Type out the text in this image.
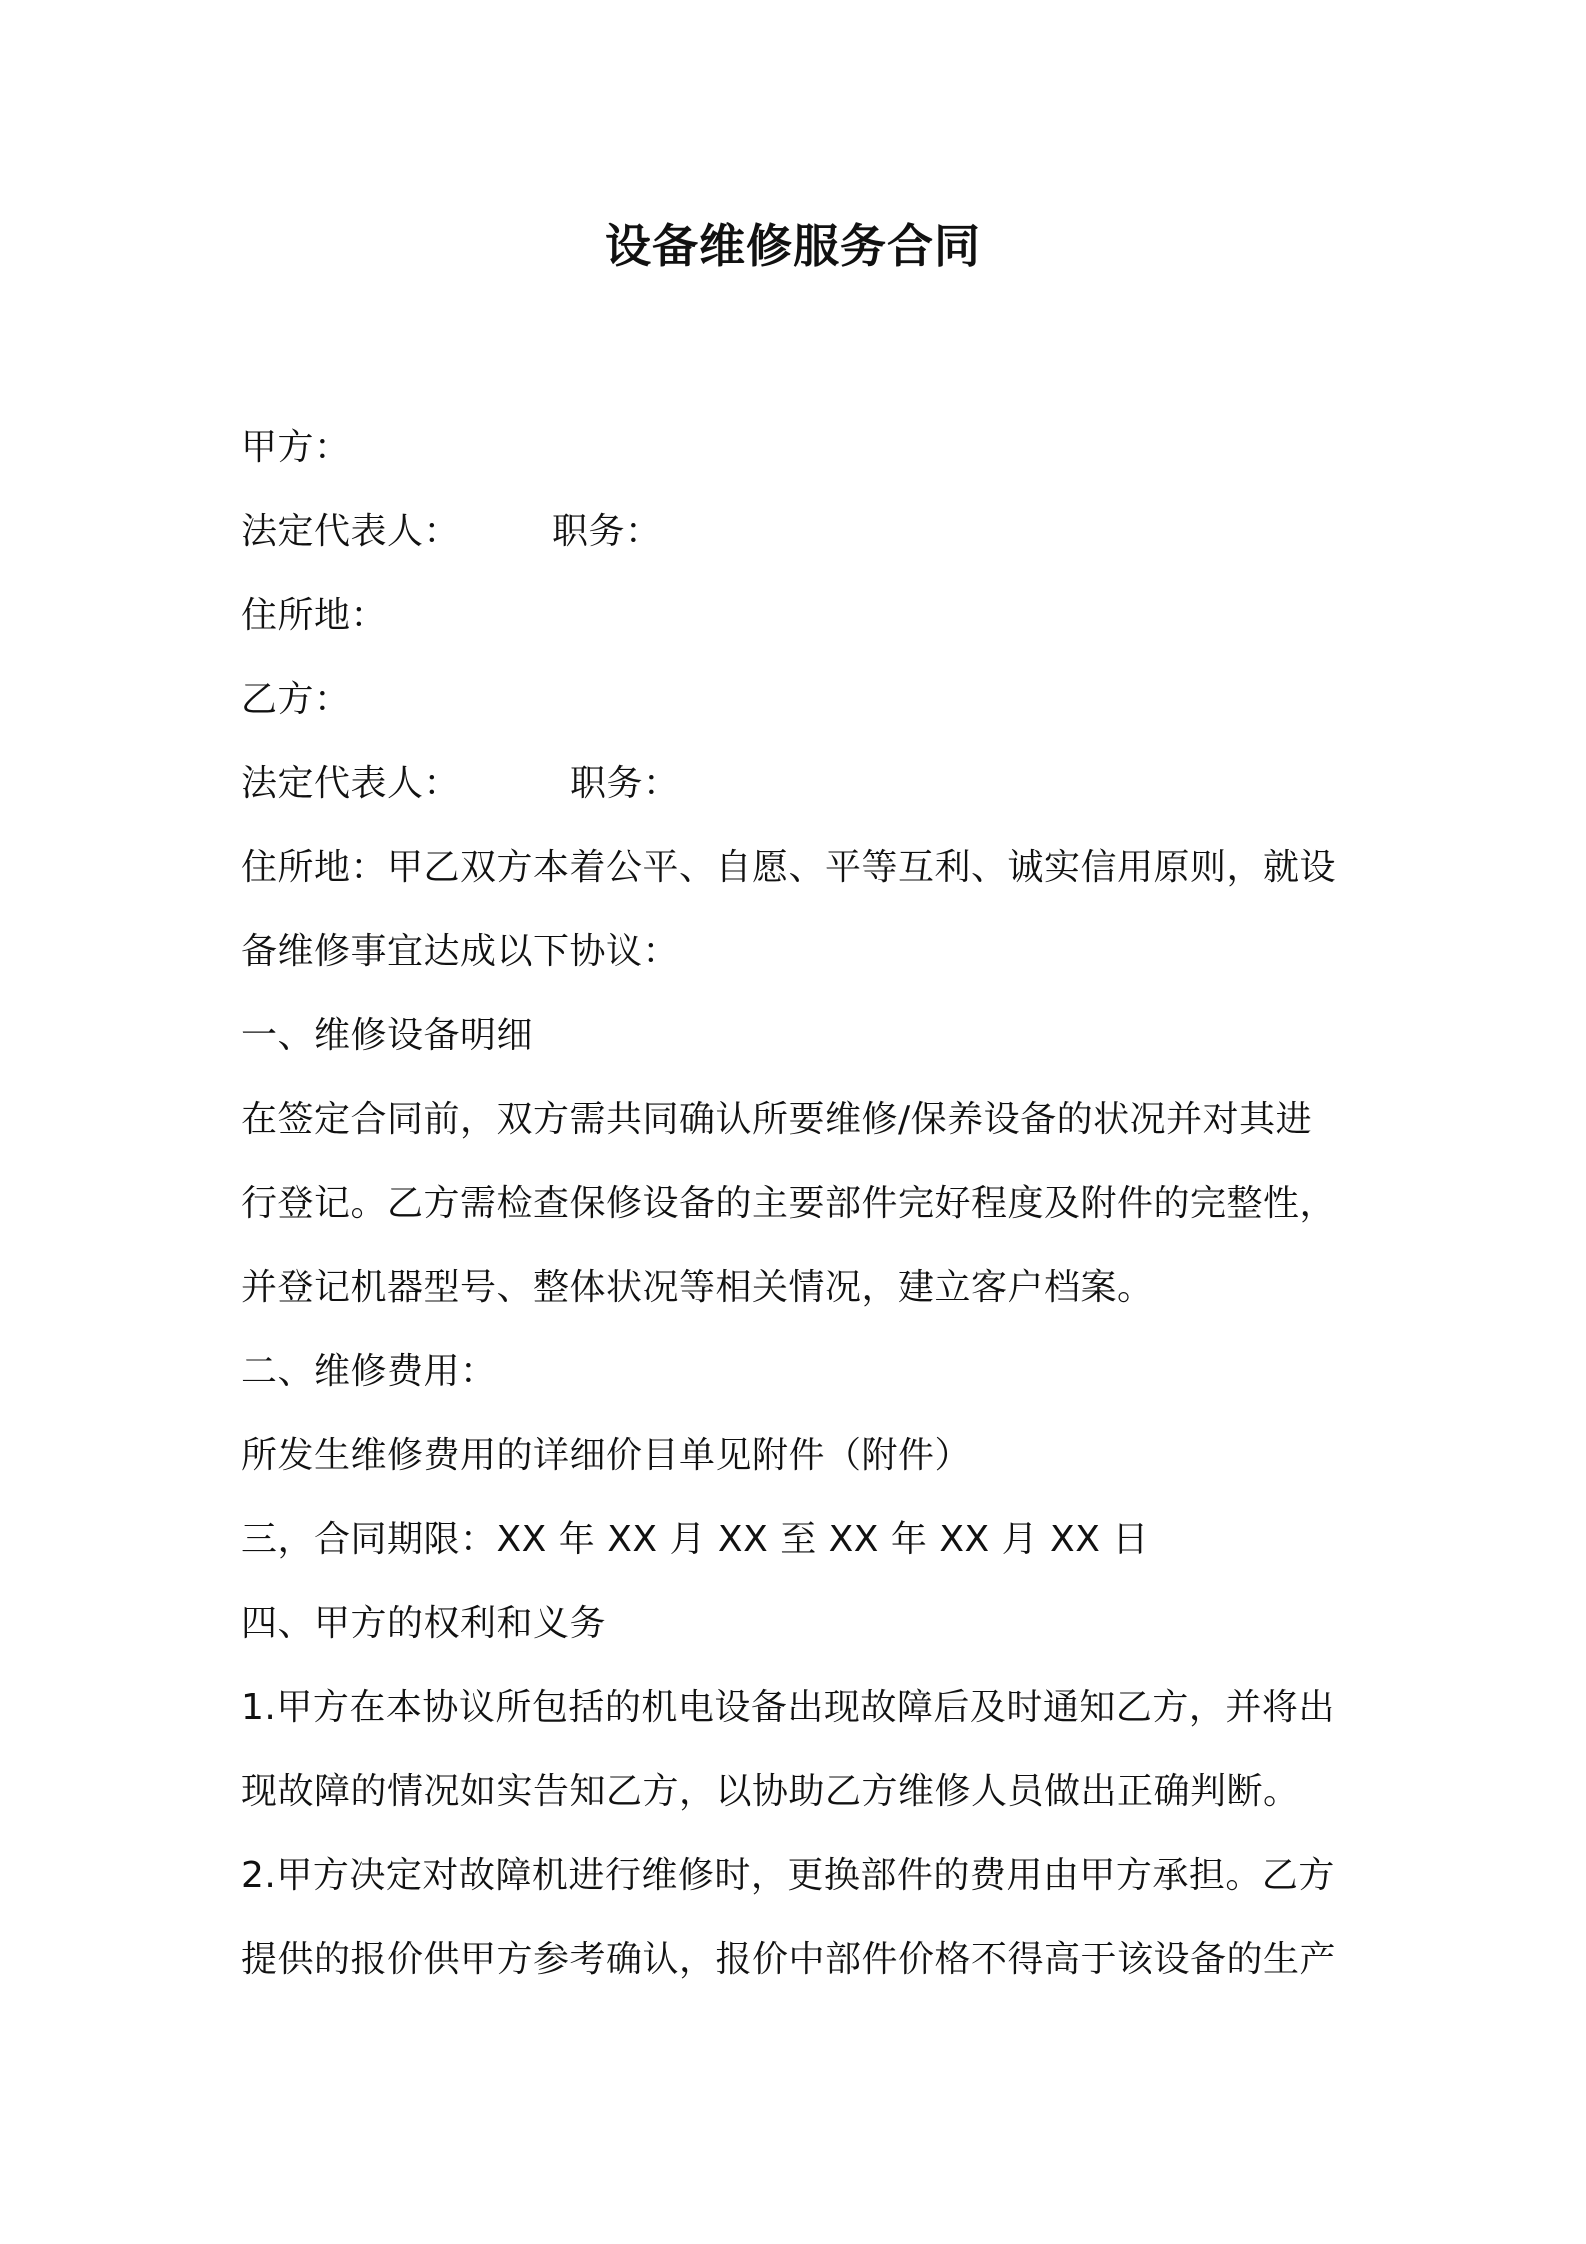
设备维修服务合同
甲方：
法定代表人：	职务：
住所地：
乙方：
法定代表人：	职务：
住所地：甲乙双方本着公平、自愿、平等互利、诚实信用原则，就设
备维修事宜达成以下协议：
一、维修设备明细
在签定合同前，双方需共同确认所要维修/保养设备的状况并对其进
行登记。乙方需检查保修设备的主要部件完好程度及附件的完整性，
并登记机器型号、整体状况等相关情况，建立客户档案。
二、维修费用：
所发生维修费用的详细价目单见附件（附件）
三，合同期限：XX 年 XX 月 XX 至 XX 年 XX 月 XX 日
四、甲方的权利和义务
1.甲方在本协议所包括的机电设备出现故障后及时通知乙方，并将出
现故障的情况如实告知乙方，以协助乙方维修人员做出正确判断。
2.甲方决定对故障机进行维修时，更换部件的费用由甲方承担。乙方
提供的报价供甲方参考确认，报价中部件价格不得高于该设备的生产
